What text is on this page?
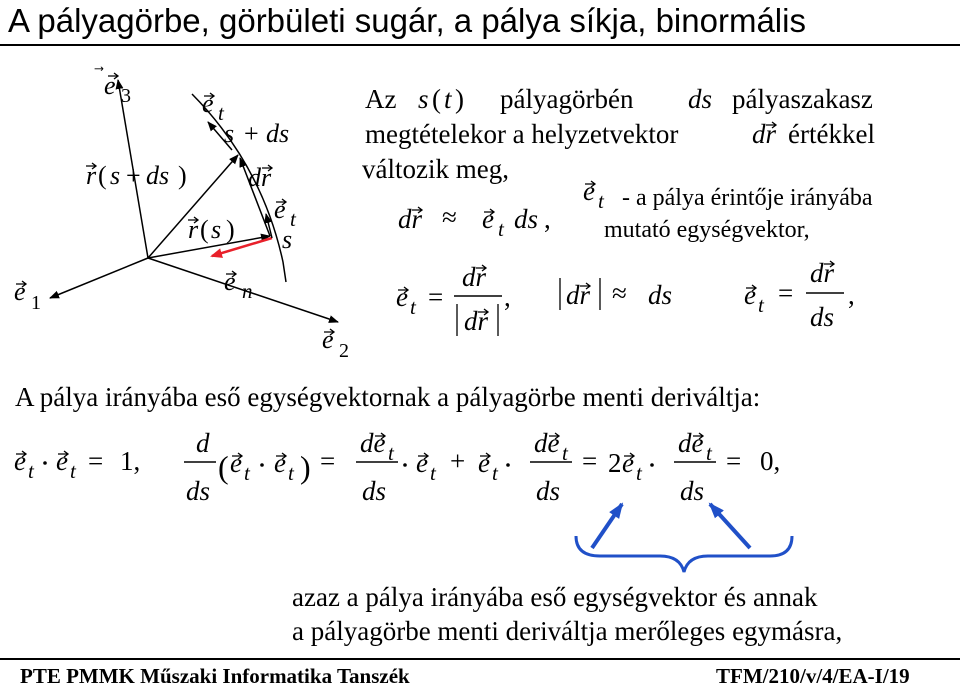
A pályagörbe, görbületi sugár, a pálya síkja, binormális
Az	pályagörbén	pályaszakasz
megtételekor a helyzetvektor	értékkel
változik meg,
- a pálya érintője irányába
mutató egységvektor,
A pálya irányába eső egységvektornak a pályagörbe menti deriváltja:
azaz a pálya irányába eső egységvektor és annak
a pályagörbe menti deriváltja merőleges egymásra,
PTE PMMK Műszaki Informatika Tanszék	TFM/210/v/4/EA-I/19
e 3
e 1
e 2
e t
s + ds
r ( s + ds ) dr
r ( s )
e t
s
e n
s ( t )	ds
dr
e t
dr ≈ e t ds ,
e t =
dr
dr
, dr ≈ ds	e t =
dr
ds
,
e t e t = 1,
d
ds
( e t e t ) =
de t
ds
e t + e t
de t
ds
= 2 e t
de t
ds
= 0,
